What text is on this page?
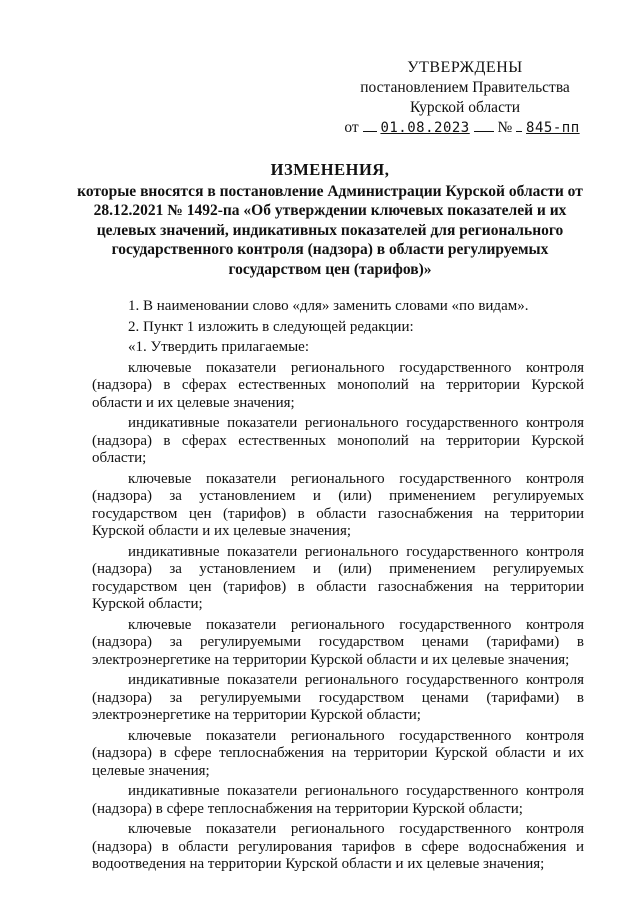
УТВЕРЖДЕНЫ
постановлением Правительства
Курской области
от 01.08.2023 № 845-пп
ИЗМЕНЕНИЯ,
которые вносятся в постановление Администрации Курской области от 28.12.2021 № 1492-па «Об утверждении ключевых показателей и их целевых значений, индикативных показателей для регионального государственного контроля (надзора) в области регулируемых государством цен (тарифов)»

1. В наименовании слово «для» заменить словами «по видам».

2. Пункт 1 изложить в следующей редакции:

«1. Утвердить прилагаемые:

ключевые показатели регионального государственного контроля (надзора) в сферах естественных монополий на территории Курской области и их целевые значения;

индикативные показатели регионального государственного контроля (надзора) в сферах естественных монополий на территории Курской области;

ключевые показатели регионального государственного контроля (надзора) за установлением и (или) применением регулируемых государством цен (тарифов) в области газоснабжения на территории Курской области и их целевые значения;

индикативные показатели регионального государственного контроля (надзора) за установлением и (или) применением регулируемых государством цен (тарифов) в области газоснабжения на территории Курской области;

ключевые показатели регионального государственного контроля (надзора) за регулируемыми государством ценами (тарифами) в электроэнергетике на территории Курской области и их целевые значения;

индикативные показатели регионального государственного контроля (надзора) за регулируемыми государством ценами (тарифами) в электроэнергетике на территории Курской области;

ключевые показатели регионального государственного контроля (надзора) в сфере теплоснабжения на территории Курской области и их целевые значения;

индикативные показатели регионального государственного контроля (надзора) в сфере теплоснабжения на территории Курской области;

ключевые показатели регионального государственного контроля (надзора) в области регулирования тарифов в сфере водоснабжения и водоотведения на территории Курской области и их целевые значения;
